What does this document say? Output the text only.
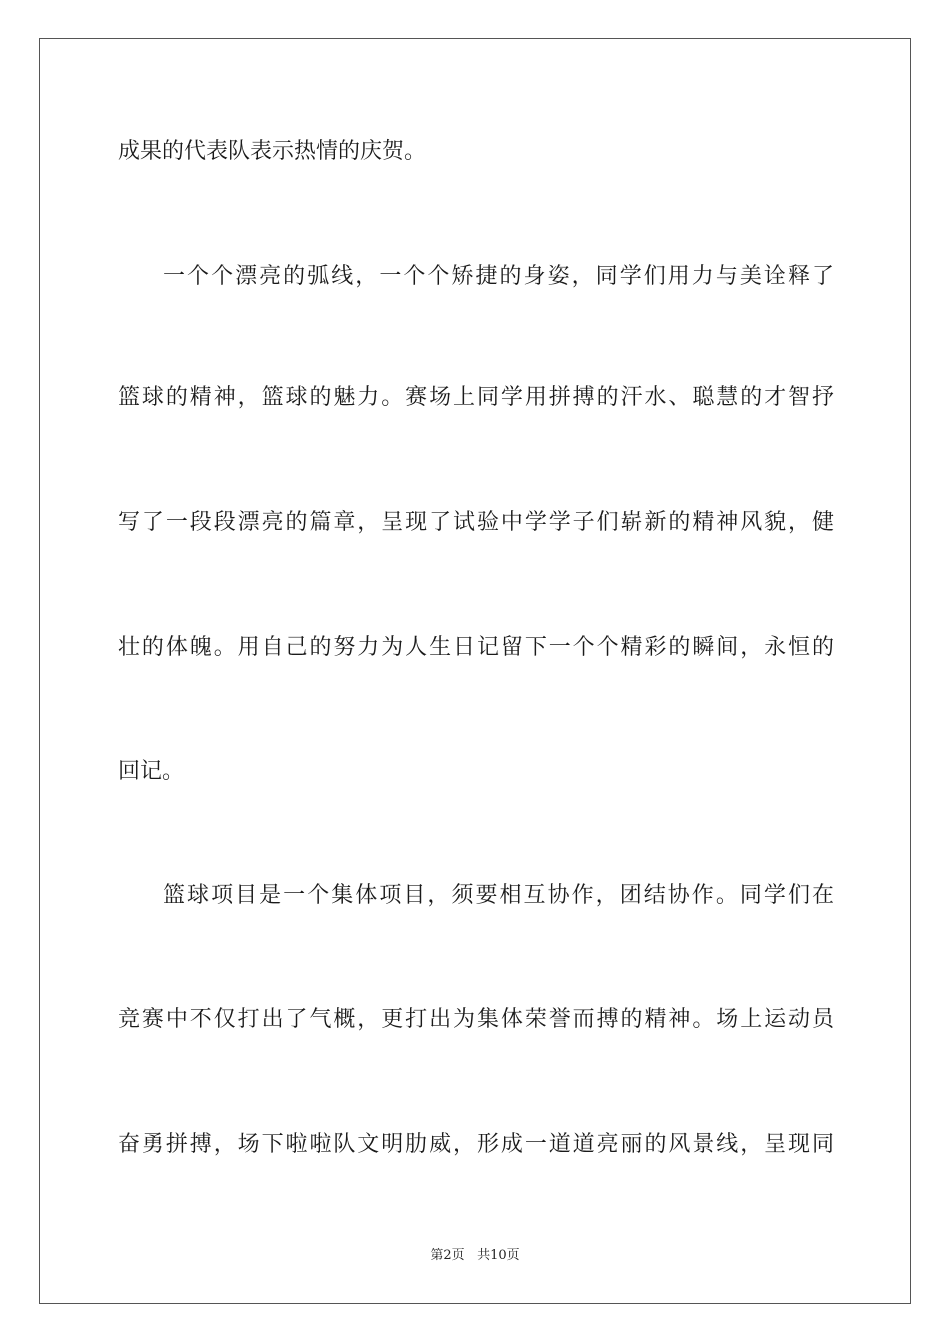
成果的代表队表示热情的庆贺。
一个个漂亮的弧线，一个个矫捷的身姿，同学们用力与美诠释了
篮球的精神，篮球的魅力。赛场上同学用拼搏的汗水、聪慧的才智抒
写了一段段漂亮的篇章，呈现了试验中学学子们崭新的精神风貌，健
壮的体魄。用自己的努力为人生日记留下一个个精彩的瞬间，永恒的
回记。
篮球项目是一个集体项目，须要相互协作，团结协作。同学们在
竞赛中不仅打出了气概，更打出为集体荣誉而搏的精神。场上运动员
奋勇拼搏，场下啦啦队文明肋威，形成一道道亮丽的风景线，呈现同
第2页 共10页
